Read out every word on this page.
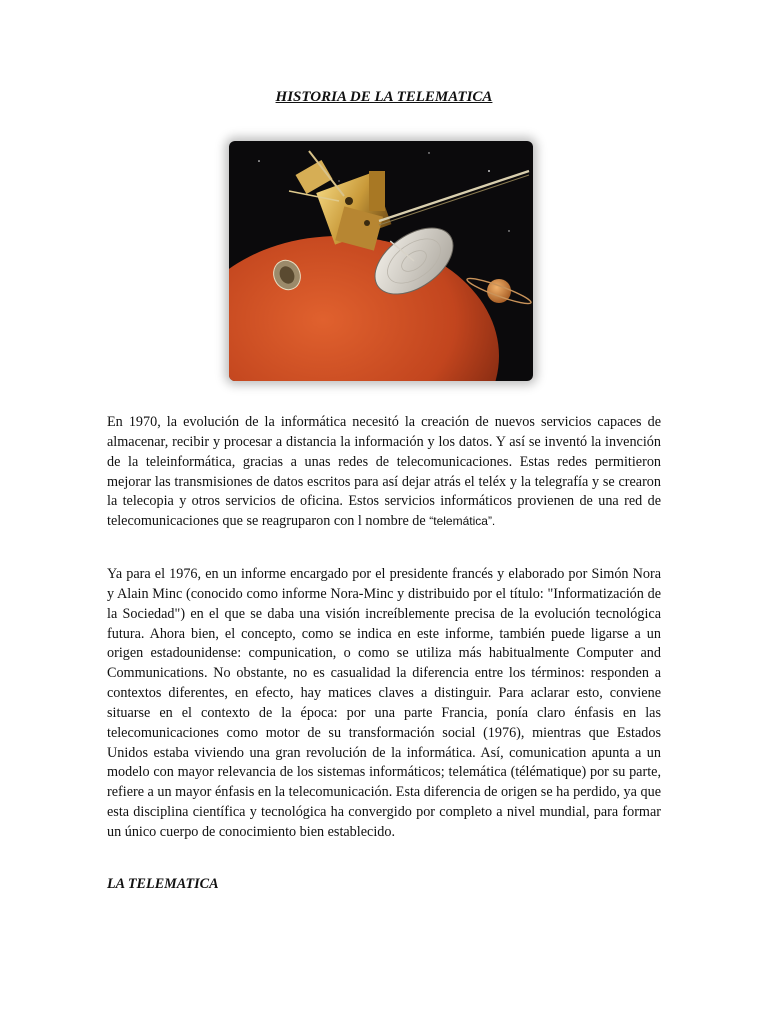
HISTORIA DE LA TELEMATICA

En 1970, la evolución de la informática necesitó la creación de nuevos servicios capaces de almacenar, recibir y procesar a distancia la información y los datos. Y así se inventó la invención de la teleinformática, gracias a unas redes de telecomunicaciones. Estas redes permitieron mejorar las transmisiones de datos escritos para así dejar atrás el teléx y la telegrafía y se crearon la telecopia y otros servicios de oficina. Estos servicios informáticos provienen de una red de telecomunicaciones que se reagruparon con l nombre de “telemática”.

Ya para el 1976, en un informe encargado por el presidente francés y elaborado por Simón Nora y Alain Minc (conocido como informe Nora-Minc y distribuido por el título: "Informatización de la Sociedad") en el que se daba una visión increíblemente precisa de la evolución tecnológica futura. Ahora bien, el concepto, como se indica en este informe, también puede ligarse a un origen estadounidense: compunication, o como se utiliza más habitualmente Computer and Communications. No obstante, no es casualidad la diferencia entre los términos: responden a contextos diferentes, en efecto, hay matices claves a distinguir. Para aclarar esto, conviene situarse en el contexto de la época: por una parte Francia, ponía claro énfasis en las telecomunicaciones como motor de su transformación social (1976), mientras que Estados Unidos estaba viviendo una gran revolución de la informática. Así, comunication apunta a un modelo con mayor relevancia de los sistemas informáticos; telemática (télématique) por su parte, refiere a un mayor énfasis en la telecomunicación. Esta diferencia de origen se ha perdido, ya que esta disciplina científica y tecnológica ha convergido por completo a nivel mundial, para formar un único cuerpo de conocimiento bien establecido.

LA TELEMATICA
